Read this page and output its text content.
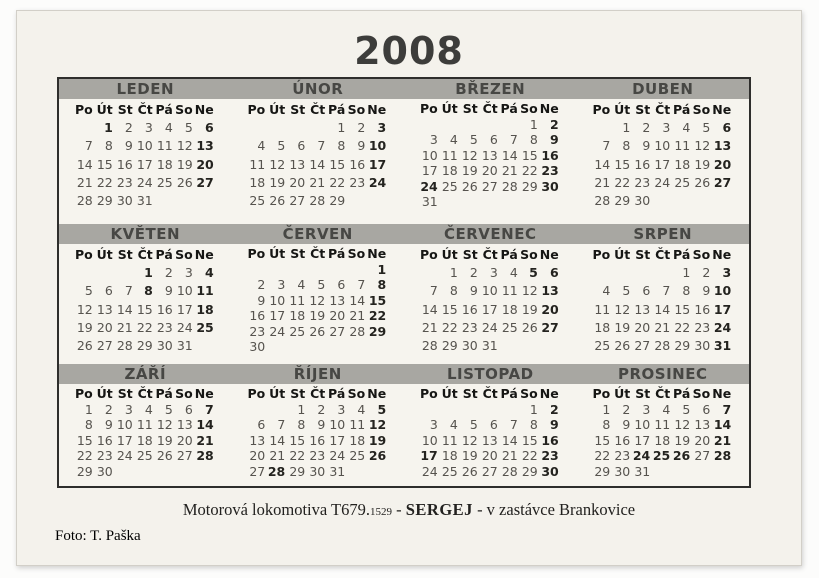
2008
LEDEN	ÚNOR	BŘEZEN	DUBEN
Po	Út	St	Čt	Pá	So	Ne
	1	2	3	4	5	6
7	8	9	10	11	12	13
14	15	16	17	18	19	20
21	22	23	24	25	26	27
28	29	30	31			
Po	Út	St	Čt	Pá	So	Ne
				1	2	3
4	5	6	7	8	9	10
11	12	13	14	15	16	17
18	19	20	21	22	23	24
25	26	27	28	29		
Po	Út	St	Čt	Pá	So	Ne
					1	2
3	4	5	6	7	8	9
10	11	12	13	14	15	16
17	18	19	20	21	22	23
24	25	26	27	28	29	30
31						
Po	Út	St	Čt	Pá	So	Ne
	1	2	3	4	5	6
7	8	9	10	11	12	13
14	15	16	17	18	19	20
21	22	23	24	25	26	27
28	29	30				
KVĚTEN	ČERVEN	ČERVENEC	SRPEN
Po	Út	St	Čt	Pá	So	Ne
			1	2	3	4
5	6	7	8	9	10	11
12	13	14	15	16	17	18
19	20	21	22	23	24	25
26	27	28	29	30	31	
Po	Út	St	Čt	Pá	So	Ne
						1
2	3	4	5	6	7	8
9	10	11	12	13	14	15
16	17	18	19	20	21	22
23	24	25	26	27	28	29
30						
Po	Út	St	Čt	Pá	So	Ne
	1	2	3	4	5	6
7	8	9	10	11	12	13
14	15	16	17	18	19	20
21	22	23	24	25	26	27
28	29	30	31			
Po	Út	St	Čt	Pá	So	Ne
				1	2	3
4	5	6	7	8	9	10
11	12	13	14	15	16	17
18	19	20	21	22	23	24
25	26	27	28	29	30	31
ZÁŘÍ	ŘÍJEN	LISTOPAD	PROSINEC
Po	Út	St	Čt	Pá	So	Ne
1	2	3	4	5	6	7
8	9	10	11	12	13	14
15	16	17	18	19	20	21
22	23	24	25	26	27	28
29	30					
Po	Út	St	Čt	Pá	So	Ne
		1	2	3	4	5
6	7	8	9	10	11	12
13	14	15	16	17	18	19
20	21	22	23	24	25	26
27	28	29	30	31		
Po	Út	St	Čt	Pá	So	Ne
					1	2
3	4	5	6	7	8	9
10	11	12	13	14	15	16
17	18	19	20	21	22	23
24	25	26	27	28	29	30
Po	Út	St	Čt	Pá	So	Ne
1	2	3	4	5	6	7
8	9	10	11	12	13	14
15	16	17	18	19	20	21
22	23	24	25	26	27	28
29	30	31				
Motorová lokomotiva T679.1529 - SERGEJ - v zastávce Brankovice
Foto: T. Paška
